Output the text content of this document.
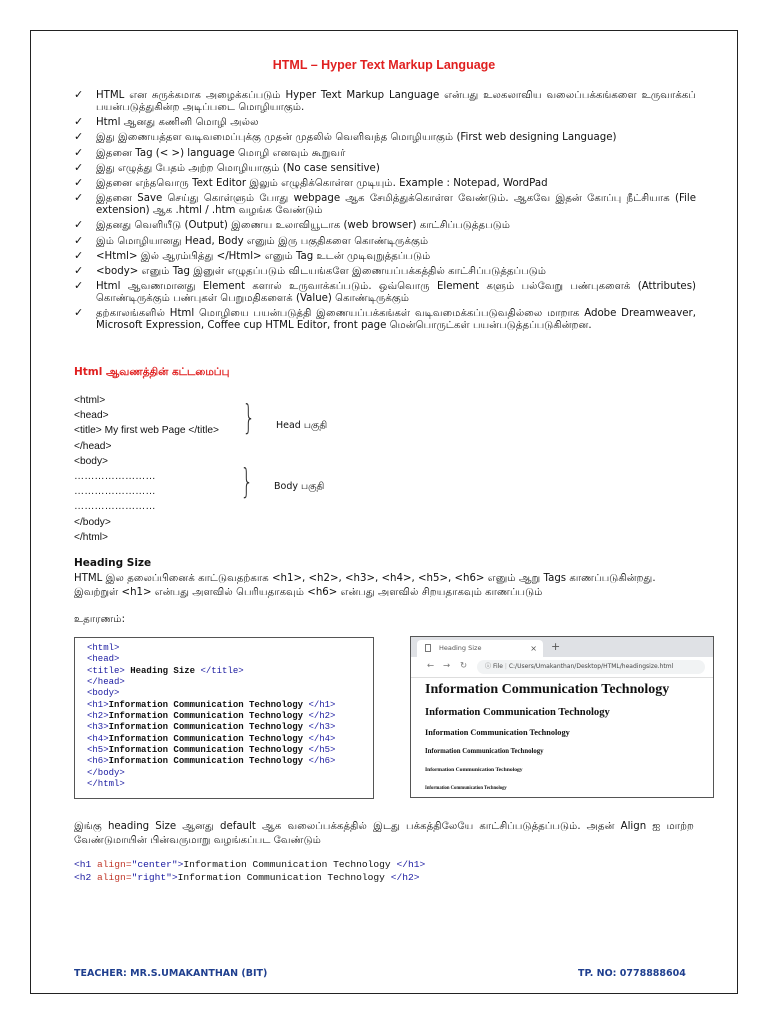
HTML – Hyper Text Markup Language
✓ HTML என சுருக்கமாக அழைக்கப்படும் Hyper Text Markup Language என்பது உலகலாவிய வலைப்பக்கங்களை உருவாக்கப் பயன்படுத்துகின்ற அடிப்படை மொழியாகும்.
✓ Html ஆனது கணினி மொழி அல்ல
✓ இது இணையத்தள வடிவமைப்புக்கு முதன் முதலில் வெளிவந்த மொழியாகும் (First web designing Language)
✓ இதனை Tag (< >) language மொழி எனவும் கூறுவர்
✓ இது எழுத்து பேதம் அற்ற மொழியாகும் (No case sensitive)
✓ இதனை எந்தவொரு Text Editor இலும் எழுதிக்கொள்ள முடியும். Example : Notepad, WordPad
✓ இதனை Save செய்து கொள்ளும் போது webpage ஆக சேமித்துக்கொள்ள வேண்டும். ஆகவே இதன் கோப்பு நீட்சியாக (File extension) ஆக .html / .htm வழங்க வேண்டும்
✓ இதனது வெளியீடு (Output) இணைய உலாவியூடாக (web browser) காட்சிப்படுத்தபடும்
✓ இம் மொழியானது Head, Body எனும் இரு பகுதிகளை கொண்டிருக்கும்
✓ <Html> இல் ஆரம்பித்து </Html> எனும் Tag உடன் முடிவுறுத்தப்படும்
✓ <body> எனும் Tag இனுள் எழுதப்படும் விடயங்களே இணையப்பக்கத்தில் காட்சிப்படுத்தப்படும்
✓ Html ஆவணமானது Element களால் உருவாக்கப்படும். ஒவ்வொரு Element களும் பல்வேறு பண்புகளைக் (Attributes) கொண்டிருக்கும் பண்புகள் பெறுமதிகளைக் (Value) கொண்டிருக்கும்
✓ தற்காலங்களில் Html மொழியை பயன்படுத்தி இணையப்பக்கங்கள் வடிவமைக்கப்படுவதில்லை மாறாக Adobe Dreamweaver, Microsoft Expression, Coffee cup HTML Editor, front page மென்பொருட்கள் பயன்படுத்தப்படுகின்றன.
Html ஆவணத்தின் கட்டமைப்பு
<html>
<head>
<title> My first web Page </title>
</head>
<body>
……………………
……………………
……………………
</body>
</html>
} Head பகுதி
} Body பகுதி
Heading Size
HTML இல தலைப்பினைக் காட்டுவதற்காக <h1>, <h2>, <h3>, <h4>, <h5>, <h6> எனும் ஆறு Tags காணப்படுகின்றது. இவற்றுள் <h1> என்பது அளவில் பெரியதாகவும் <h6> என்பது அளவில் சிறயதாகவும் காணப்படும்
உதாரணம்:
<html>
<head>
<title> Heading Size </title>
</head>
<body>
<h1>Information Communication Technology </h1>
<h2>Information Communication Technology </h2>
<h3>Information Communication Technology </h3>
<h4>Information Communication Technology </h4>
<h5>Information Communication Technology </h5>
<h6>Information Communication Technology </h6>
</body>
</html>
Heading Size	× +
← → ↻	ⓘ File | C:/Users/Umakanthan/Desktop/HTML/headingsize.html
Information Communication Technology
Information Communication Technology
Information Communication Technology
Information Communication Technology
Information Communication Technology
Information Communication Technology
இங்கு heading Size ஆனது default ஆக வலைப்பக்கத்தில் இடது பக்கத்திலேயே காட்சிப்படுத்தப்படும். அதன் Align ஐ மாற்ற வேண்டுமாயின் பின்வருமாறு வழங்கப்பட வேண்டும்
<h1 align="center">Information Communication Technology </h1>
<h2 align="right">Information Communication Technology </h2>
TEACHER: MR.S.UMAKANTHAN (BIT)	TP. NO: 0778888604
